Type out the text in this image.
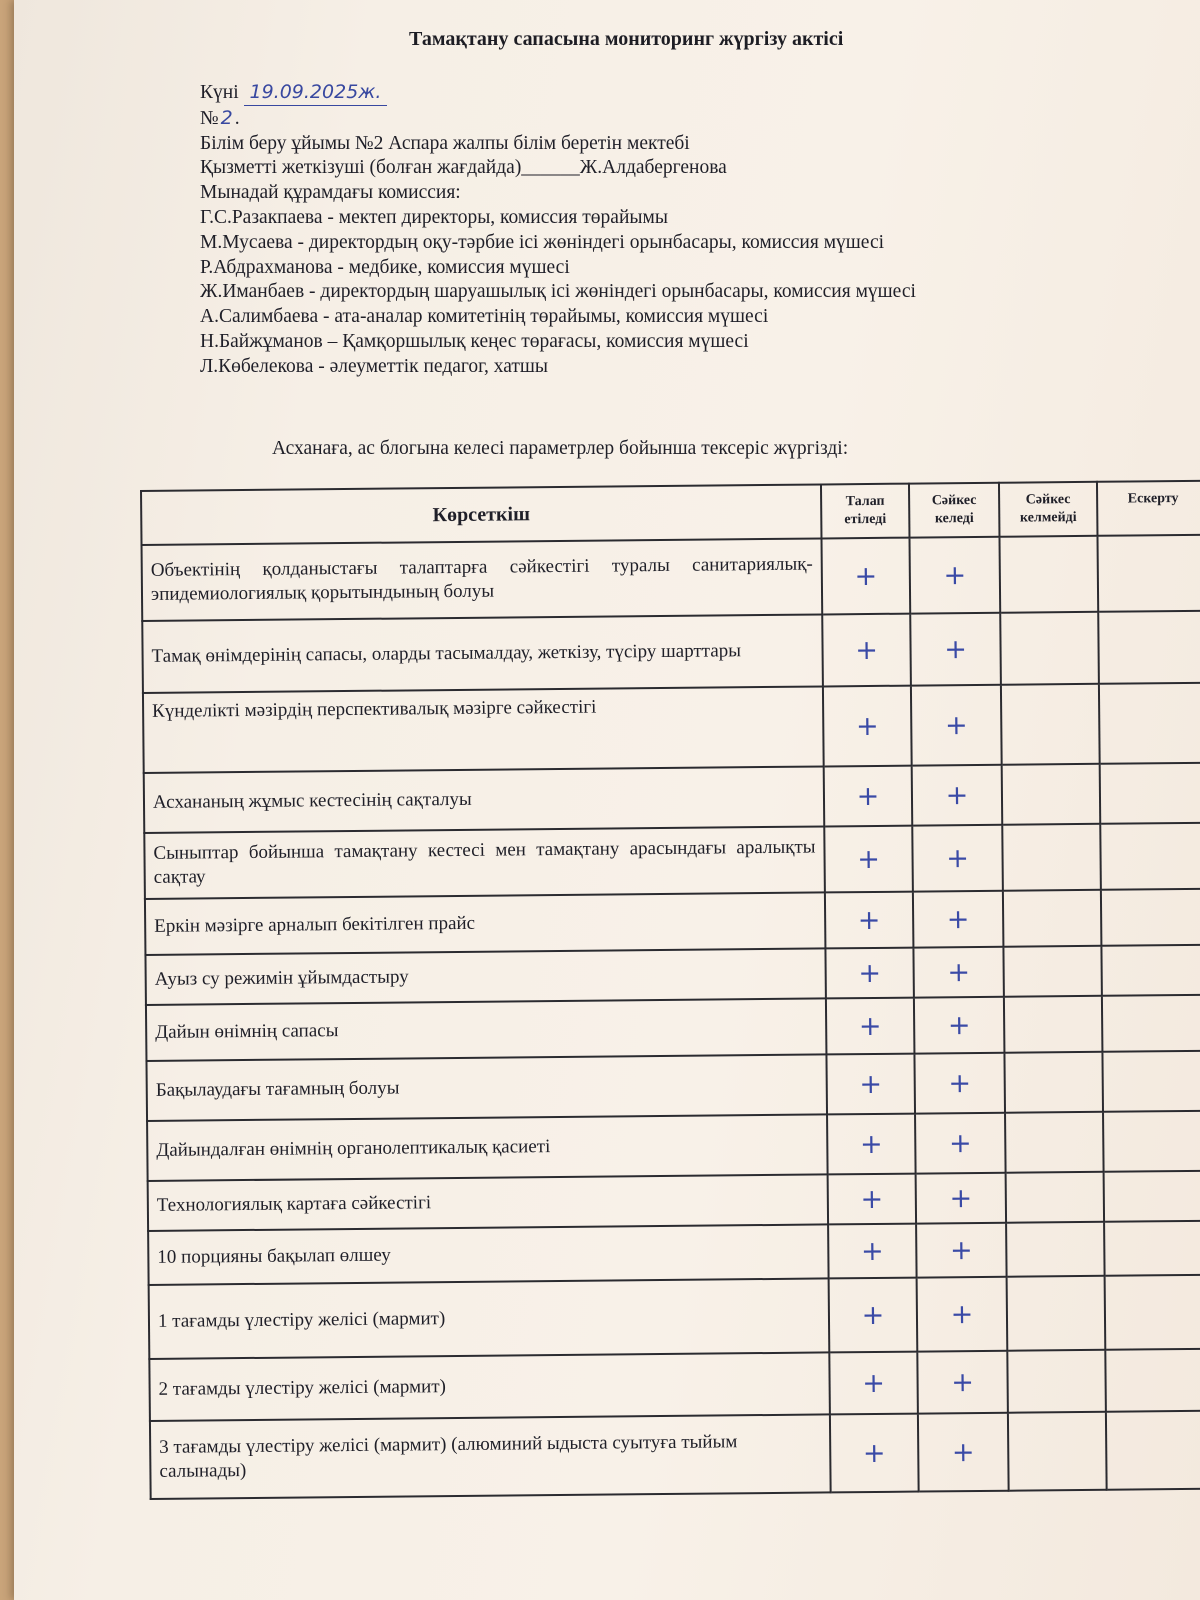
Тамақтану сапасына мониторинг жүргізу актісі
Күні 19.09.2025ж.
№ 2 .
Білім беру ұйымы №2 Аспара жалпы білім беретін мектебі
Қызметті жеткізуші (болған жағдайда)______Ж.Алдабергенова
Мынадай құрамдағы комиссия:
Г.С.Разакпаева - мектеп директоры, комиссия төрайымы
М.Мусаева - директордың оқу-тәрбие ісі жөніндегі орынбасары, комиссия мүшесі
Р.Абдрахманова - медбике, комиссия мүшесі
Ж.Иманбаев - директордың шаруашылық ісі жөніндегі орынбасары, комиссия мүшесі
А.Салимбаева - ата-аналар комитетінің төрайымы, комиссия мүшесі
Н.Байжұманов – Қамқоршылық кеңес төрағасы, комиссия мүшесі
Л.Көбелекова - әлеуметтік педагог, хатшы
Асханаға, ас блогына келесі параметрлер бойынша тексеріс жүргізді:
Көрсеткіш	Талап етіледі	Сәйкес келеді	Сәйкес келмейді	Ескерту
Объектінің қолданыстағы талаптарға сәйкестігі туралы санитариялық-эпидемиологиялық қорытындының болуы	+	+		
Тамақ өнімдерінің сапасы, оларды тасымалдау, жеткізу, түсіру шарттары	+	+		
Күнделікті мәзірдің перспективалық мәзірге сәйкестігі	+	+		
Асхананың жұмыс кестесінің сақталуы	+	+		
Сыныптар бойынша тамақтану кестесі мен тамақтану арасындағы аралықты сақтау	+	+		
Еркін мәзірге арналып бекітілген прайс	+	+		
Ауыз су режимін ұйымдастыру	+	+		
Дайын өнімнің сапасы	+	+		
Бақылаудағы тағамның болуы	+	+		
Дайындалған өнімнің органолептикалық қасиеті	+	+		
Технологиялық картаға сәйкестігі	+	+		
10 порцияны бақылап өлшеу	+	+		
1 тағамды үлестіру желісі (мармит)	+	+		
2 тағамды үлестіру желісі (мармит)	+	+		
3 тағамды үлестіру желісі (мармит) (алюминий ыдыста суытуға тыйым салынады)	+	+		
